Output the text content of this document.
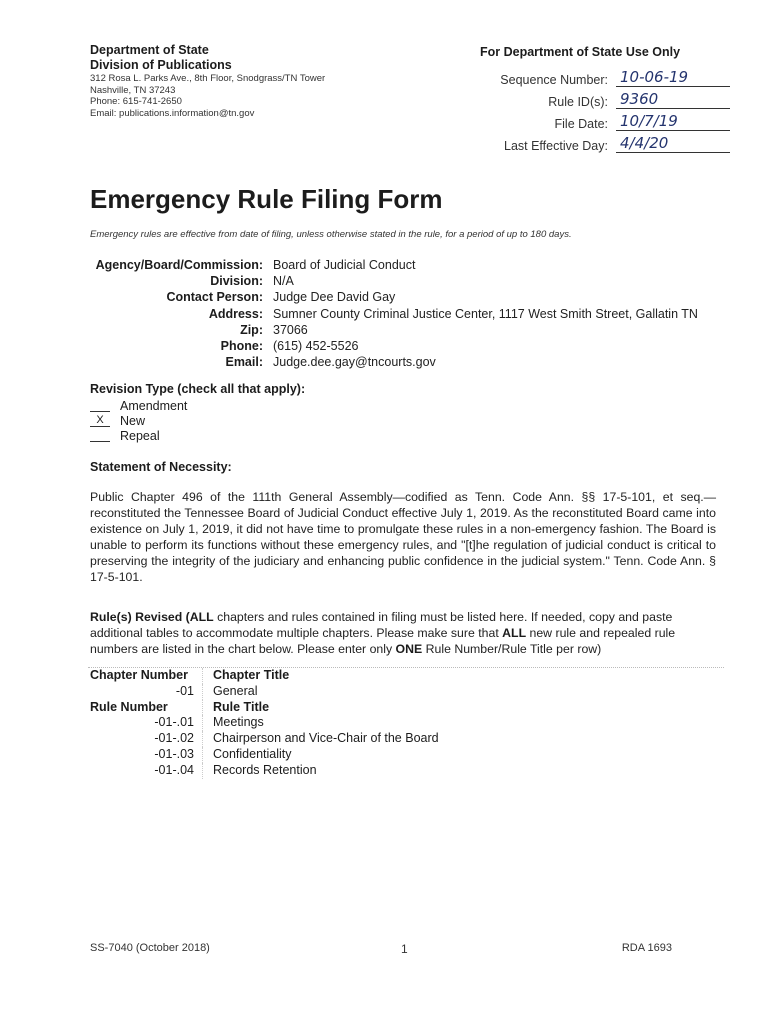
Department of State
Division of Publications
312 Rosa L. Parks Ave., 8th Floor, Snodgrass/TN Tower
Nashville, TN 37243
Phone: 615-741-2650
Email: publications.information@tn.gov
For Department of State Use Only
Sequence Number: 10-06-19
Rule ID(s): 9360
File Date: 10/7/19
Last Effective Day: 4/4/20
Emergency Rule Filing Form
Emergency rules are effective from date of filing, unless otherwise stated in the rule, for a period of up to 180 days.
Agency/Board/Commission: Board of Judicial Conduct
Division: N/A
Contact Person: Judge Dee David Gay
Address: Sumner County Criminal Justice Center, 1117 West Smith Street, Gallatin TN
Zip: 37066
Phone: (615) 452-5526
Email: Judge.dee.gay@tncourts.gov
Revision Type (check all that apply):
Amendment
X	New
Repeal
Statement of Necessity:
Public Chapter 496 of the 111th General Assembly—codified as Tenn. Code Ann. §§ 17-5-101, et seq.—reconstituted the Tennessee Board of Judicial Conduct effective July 1, 2019. As the reconstituted Board came into existence on July 1, 2019, it did not have time to promulgate these rules in a non-emergency fashion. The Board is unable to perform its functions without these emergency rules, and "[t]he regulation of judicial conduct is critical to preserving the integrity of the judiciary and enhancing public confidence in the judicial system." Tenn. Code Ann. § 17-5-101.
Rule(s) Revised (ALL chapters and rules contained in filing must be listed here. If needed, copy and paste additional tables to accommodate multiple chapters. Please make sure that ALL new rule and repealed rule numbers are listed in the chart below. Please enter only ONE Rule Number/Rule Title per row)
Chapter Number	Chapter Title
-01	General
Rule Number	Rule Title
-01-.01	Meetings
-01-.02	Chairperson and Vice-Chair of the Board
-01-.03	Confidentiality
-01-.04	Records Retention
SS-7040 (October 2018)	1	RDA 1693
